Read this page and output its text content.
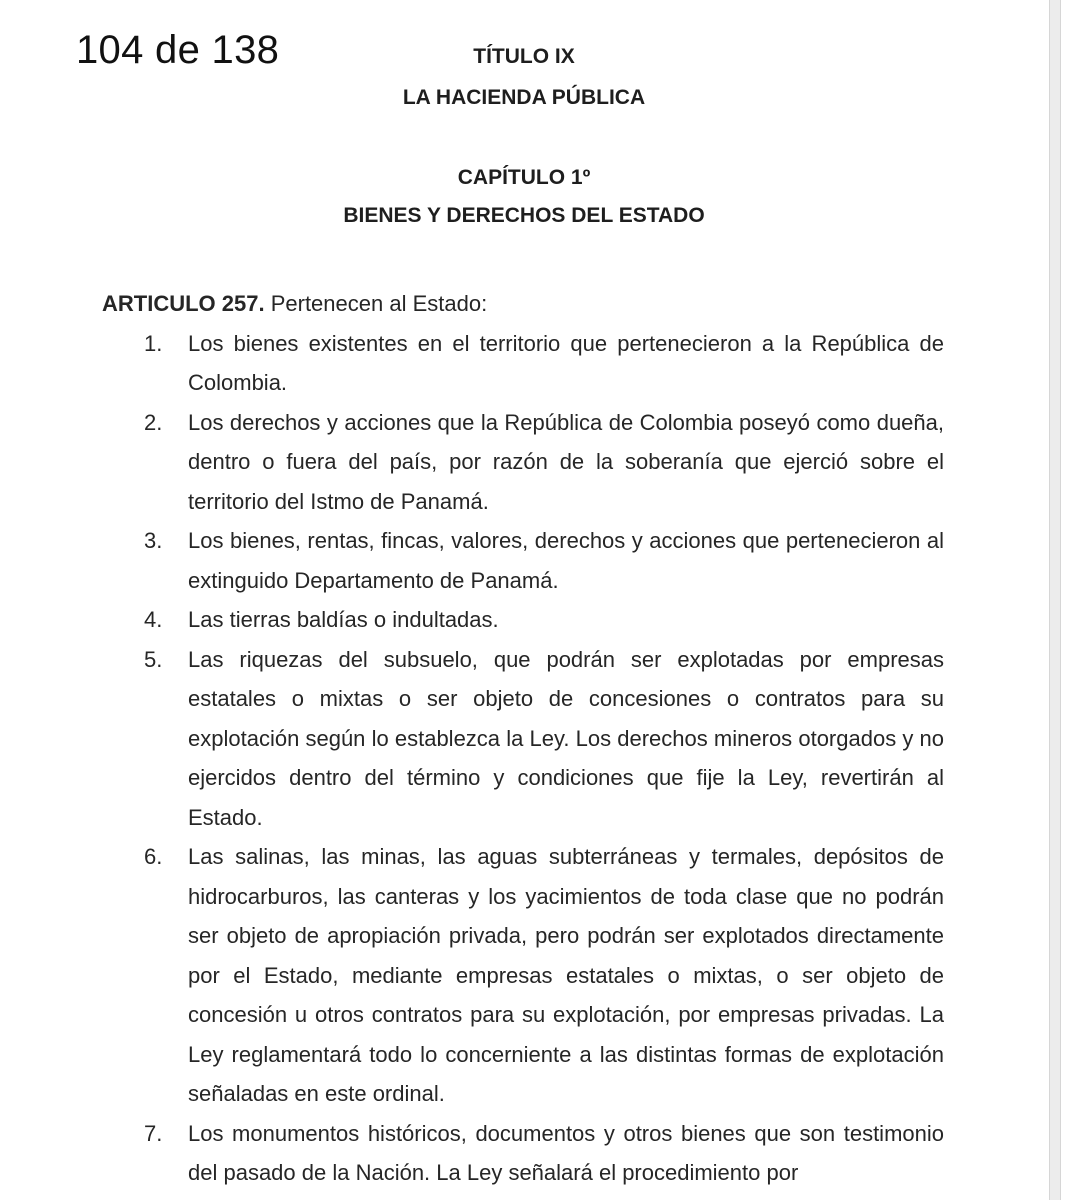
104 de 138	TÍTULO IX
LA HACIENDA PÚBLICA
CAPÍTULO 1º
BIENES Y DERECHOS DEL ESTADO
ARTICULO 257. Pertenecen al Estado:
1. Los bienes existentes en el territorio que pertenecieron a la República de Colombia.
2. Los derechos y acciones que la República de Colombia poseyó como dueña, dentro o fuera del país, por razón de la soberanía que ejerció sobre el territorio del Istmo de Panamá.
3. Los bienes, rentas, fincas, valores, derechos y acciones que pertenecieron al extinguido Departamento de Panamá.
4. Las tierras baldías o indultadas.
5. Las riquezas del subsuelo, que podrán ser explotadas por empresas estatales o mixtas o ser objeto de concesiones o contratos para su explotación según lo establezca la Ley. Los derechos mineros otorgados y no ejercidos dentro del término y condiciones que fije la Ley, revertirán al Estado.
6. Las salinas, las minas, las aguas subterráneas y termales, depósitos de hidrocarburos, las canteras y los yacimientos de toda clase que no podrán ser objeto de apropiación privada, pero podrán ser explotados directamente por el Estado, mediante empresas estatales o mixtas, o ser objeto de concesión u otros contratos para su explotación, por empresas privadas. La Ley reglamentará todo lo concerniente a las distintas formas de explotación señaladas en este ordinal.
7. Los monumentos históricos, documentos y otros bienes que son testimonio del pasado de la Nación. La Ley señalará el procedimiento por
